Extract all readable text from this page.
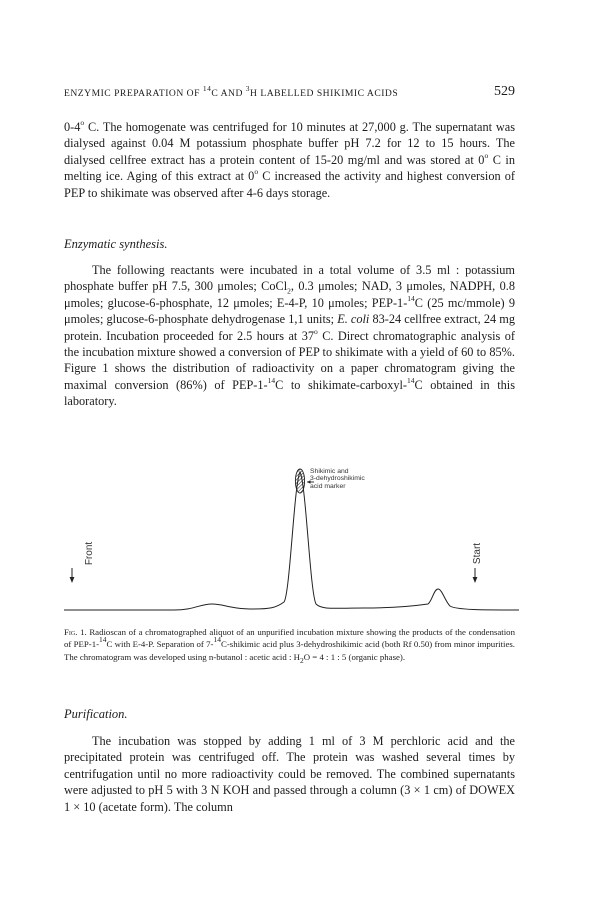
ENZYMIC PREPARATION OF $^{14}$C AND $^3$H LABELLED SHIKIMIC ACIDS	529

0-4$^o$ C. The homogenate was centrifuged for 10 minutes at 27,000 g. The supernatant was dialysed against 0.04 M potassium phosphate buffer pH 7.2 for 12 to 15 hours. The dialysed cellfree extract has a protein content of 15-20 mg/ml and was stored at 0$^o$ C in melting ice. Aging of this extract at 0$^o$ C increased the activity and highest conversion of PEP to shikimate was observed after 4-6 days storage.

Enzymatic synthesis.

The following reactants were incubated in a total volume of 3.5 ml : potassium phosphate buffer pH 7.5, 300 μmoles; CoCl$_2$, 0.3 μmoles; NAD, 3 μmoles, NADPH, 0.8 μmoles; glucose-6-phosphate, 12 μmoles; E-4-P, 10 μmoles; PEP-1-$^{14}$C (25 mc/mmole) 9 μmoles; glucose-6-phosphate dehydrogenase 1,1 units; E. coli 83-24 cellfree extract, 24 mg protein. Incubation proceeded for 2.5 hours at 37$^o$ C. Direct chromatographic analysis of the incubation mixture showed a conversion of PEP to shikimate with a yield of 60 to 85%. Figure 1 shows the distribution of radioactivity on a paper chromatogram giving the maximal conversion (86%) of PEP-1-$^{14}$C to shikimate-carboxyl-$^{14}$C obtained in this laboratory.

Shikimic and
3-dehydroshikimic
acid marker
Front	Start

Fig. 1. Radioscan of a chromatographed aliquot of an unpurified incubation mixture showing the products of the condensation of PEP-1-$^{14}$C with E-4-P. Separation of 7-$^{14}$C-shikimic acid plus 3-dehydroshikimic acid (both Rf 0.50) from minor impurities. The chromatogram was developed using n-butanol : acetic acid : $H_2O = 4$ : 1 : 5 (organic phase).

Purification.

The incubation was stopped by adding 1 ml of 3 M perchloric acid and the precipitated protein was centrifuged off. The protein was washed several times by centrifugation until no more radioactivity could be removed. The combined supernatants were adjusted to pH 5 with 3 N KOH and passed through a column (3 × 1 cm) of DOWEX 1 × 10 (acetate form). The column
